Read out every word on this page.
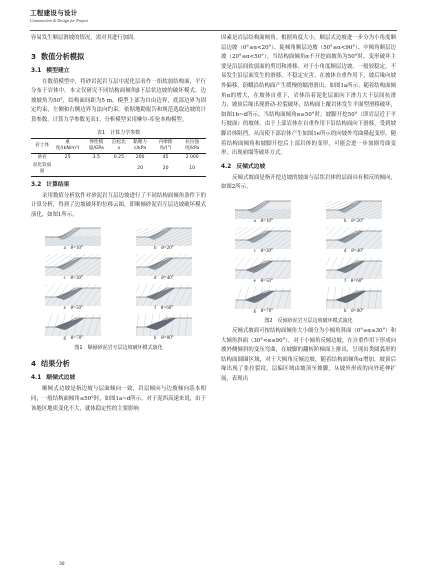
工程建设与设计
Construction & Design for Project

容易发生顺层滑坡的情况，需对其进行加固。

3 数值分析模拟
3.1 模型建立

在数值模型中，将砂岩泥岩互层中泥化层看作一组软弱结构面，平行分布于岩体中。本文仅研究不同结构面倾角β下层状边坡的破坏模式。边坡坡角为50°，结构面间距为5 m，模型上部为自由边界，底部边界为固定约束，左侧和右侧边界为法向约束。依据地勘报告和规范选取边坡的计算参数，计算力学参数见表1，分析模型采用摩尔-库伦本构模型。

表1　计算力学参数
岩土体	重度/(kN/m³)	弹性模量/GPa	泊松比ν	黏聚力c/kPa	内摩擦角/(°)	抗拉强度/kPa
砂岩	25	3.5	0.25	200	45	2 000
泥化软弱面				20	20	10
3.2 计算结果

采用数值分析软件对砂泥岩互层边坡进行了不同结构面倾角条件下的计算分析，得到了边坡破坏的位移云图，即顺倾砂泥岩互层边坡破坏模式演化，如图1所示。

a　 θ=10°	b　 θ=20°
c　 θ=30°	d　 θ=40°
e　 θ=50°	f　 θ=60°
g　 θ=70°	h　 θ=80°
图1　顺倾砂泥岩互层边坡破坏模式演化
4 结果分析
4.1 顺倾式边坡

顺倾式边坡是指边坡与层面倾向一致，岩层倾向与边坡倾向基本相同，一般结构面倾角≤50°时，如图1a~d所示。对于泥西高速来说，由于该地区地质变化不大，就体稳定性的主要影响

因素是岩层结构面倾角。根据角度大小，顺层式边坡进一步分为小角度顺层边坡（0°≤α<20°）、陡倾角顺层边坡（50°≤α<90°）、中倾角顺层边坡（20°≤α<50°）。当结构面倾角α不开挖面坡角为50°时，变形破坏主要是沿层间软弱面的剪切和滑移。对于小角度顺层边坡，一般较稳定，不易发生沿层面发生的滑移，不稳定灾害。在坡体自重作用下，坡后缘向坡外偏移，蔚蛾沿结构面产生缓慢的蠕滑滑出，如图1a所示。随着结构面倾角α的增大，在坡体自重下，岩体沿着泥化层面向下滑力大于层间抗滑力，坡顶后缘出现滑动-拉裂破坏，结构面上覆岩体发生平面型滑移破坏，如图1b~d所示。当结构面倾角α≥50°时，坡脚开挖50°（即岩层近于平行坡面）的坡体，由于上部岩体在自重作用下沿结构面向下滑移，受到坡脚岩体阻挡，从而使下部岩体产生如图1e所示的向坡外弯曲隆起变形，随着结构面倾角和坡脚开挖后上部岩体的变形，可能会进一步加剧弯曲变形，出现崩塌等破坏方式。

4.2 反倾式边坡

反倾式坡面是指开挖边坡的坡面与层状岩体的层面具有相反的倾向，如图2所示。

a　 θ=10°	b　 θ=20°
c　 θ=30°	d　 θ=40°
e　 θ=50°	f　 θ=60°
g　 θ=70°	h　 θ=80°
图2　反倾砂泥岩互层边坡破坏模式演化

反倾式坡面可按结构面倾角大小细分为小倾角斜面（0°≤α≤30°）和大倾角斜面（30°<α≤90°）。对于小倾角反倾边坡，在自重作用下形成向坡外侧倾斜的变压弯曲，在坡脚的翻转阶梯面上排出，呈现出类圆弧形的结构面圆圈区域，对于大倾角反倾边坡，随着结构面倾角α增加，坡顶后缘出现了张拉裂纹，层偏区域由坡顶至坡脚，从坡外形成的向外延伸扩展，表现出

30
